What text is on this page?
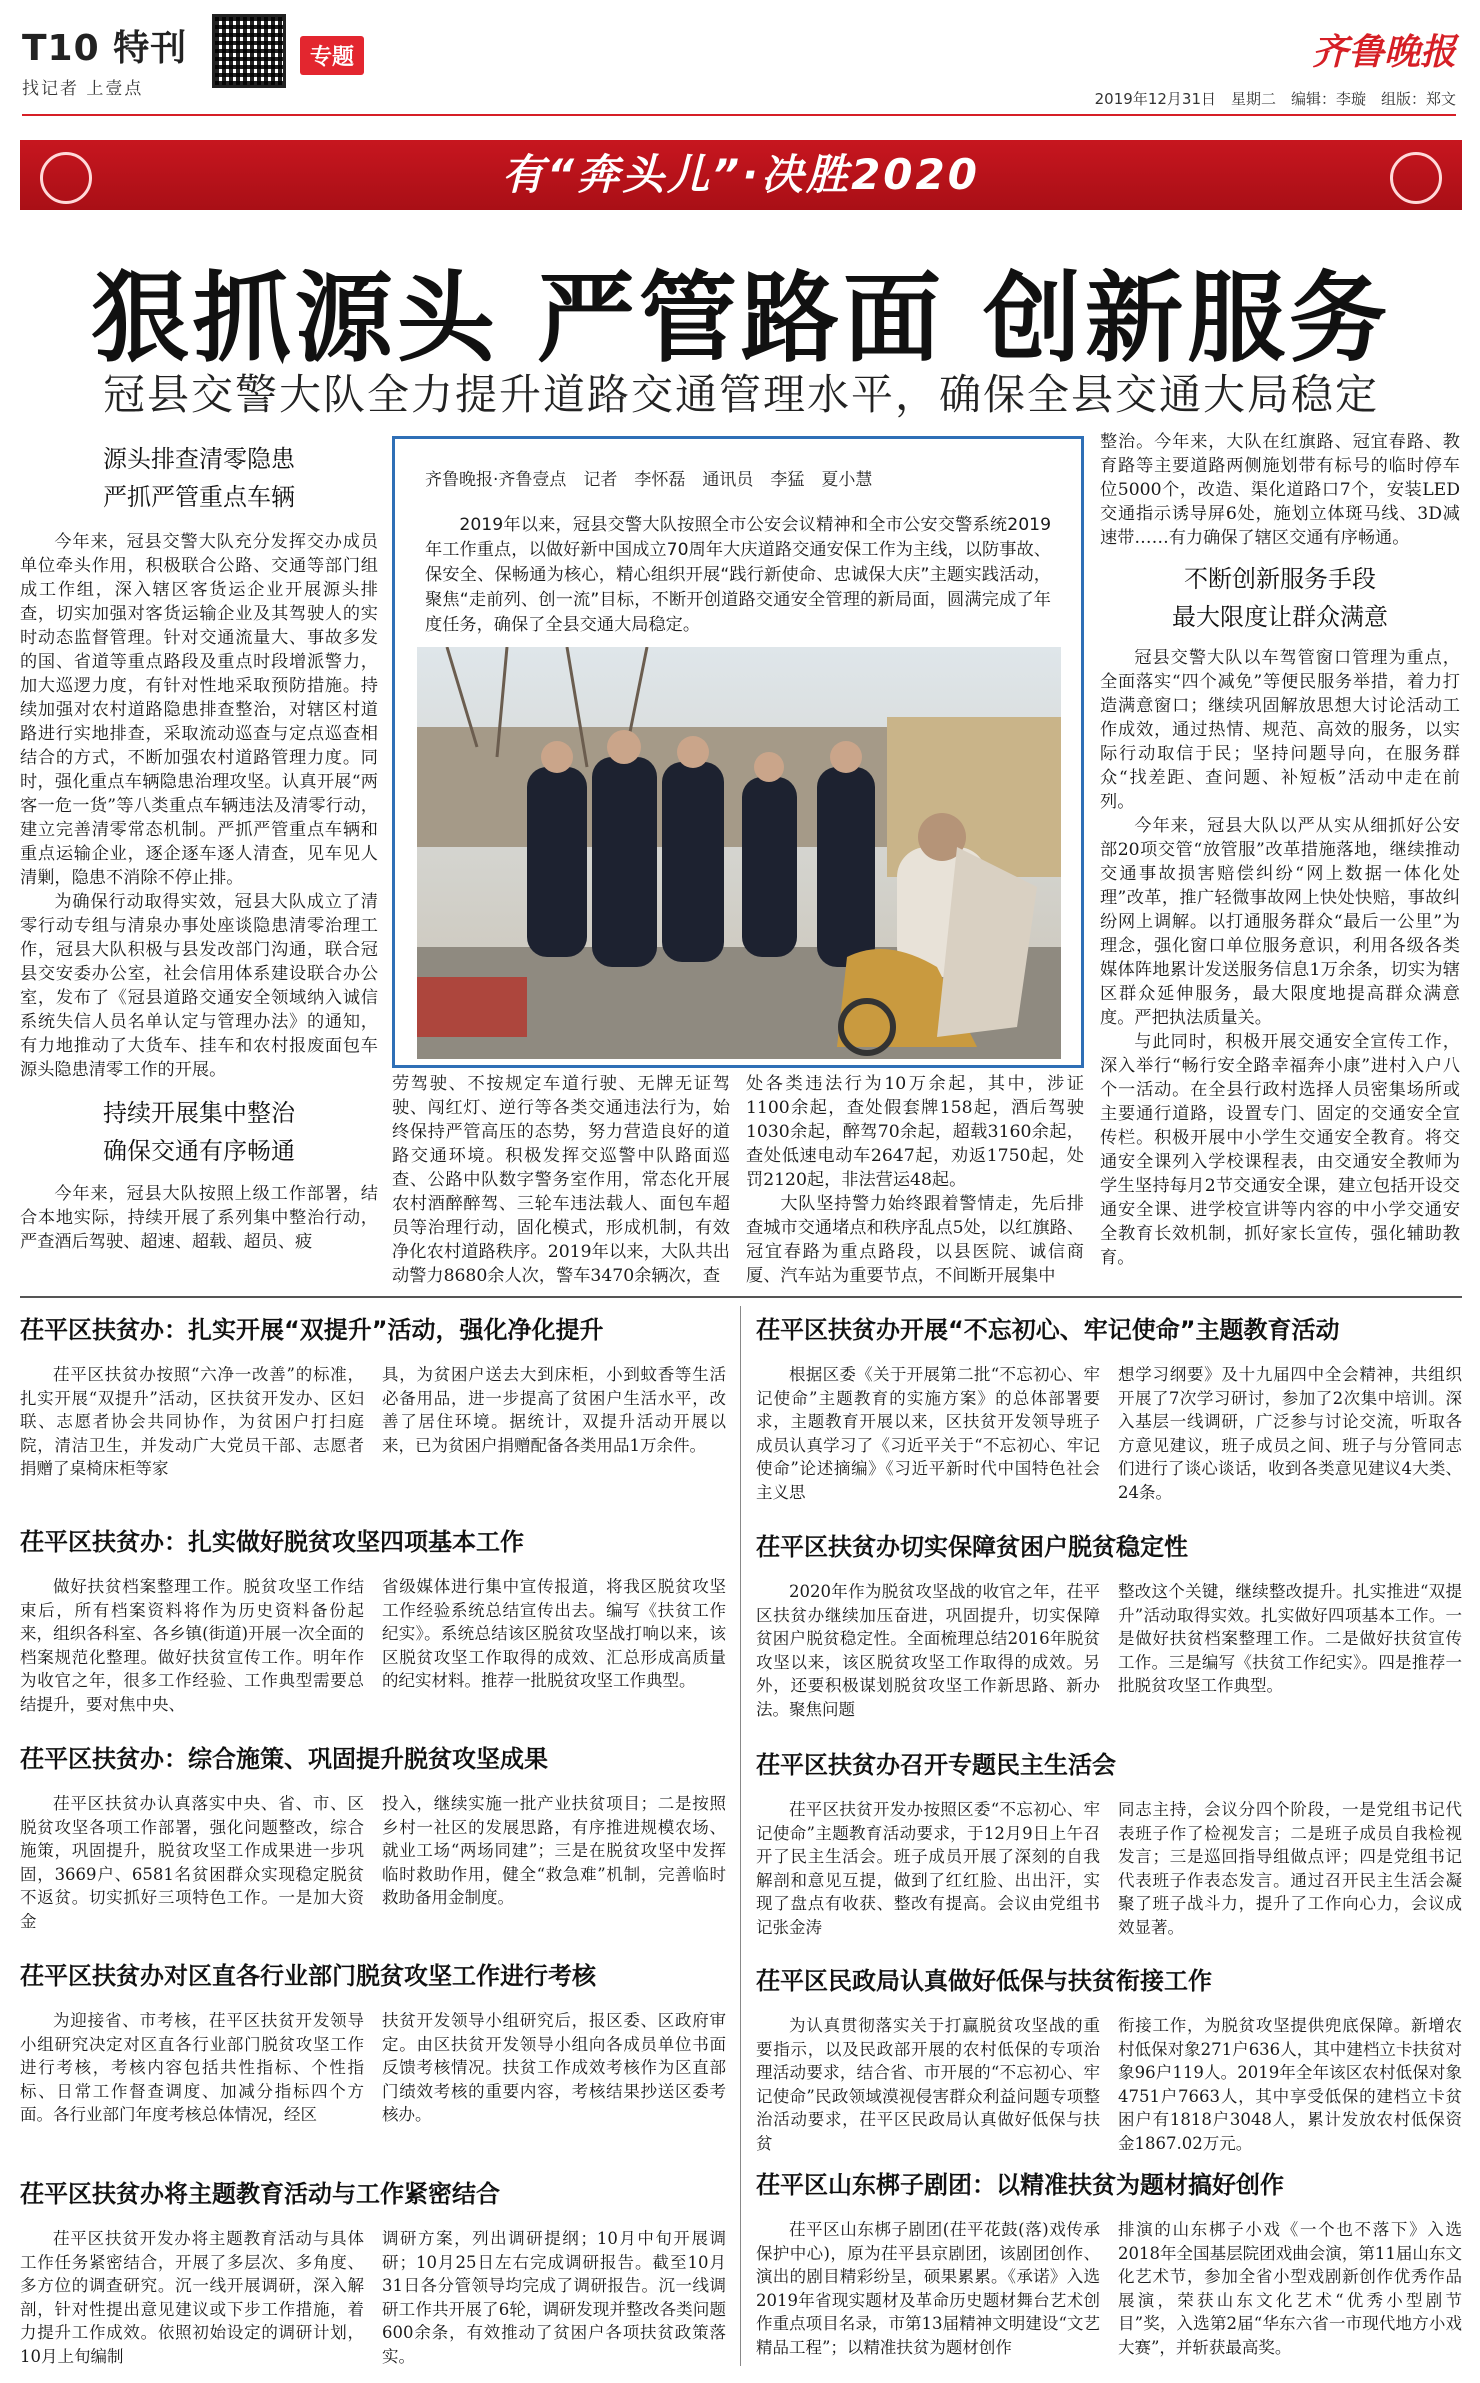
T10 特刊
找记者 上壹点
专题	齐鲁晚报
2019年12月31日　星期二　编辑：李璇　组版：郑文
有“奔头儿”·决胜2020
狠抓源头 严管路面 创新服务
冠县交警大队全力提升道路交通管理水平，确保全县交通大局稳定
源头排查清零隐患
严抓严管重点车辆

今年来，冠县交警大队充分发挥交办成员单位牵头作用，积极联合公路、交通等部门组成工作组，深入辖区客货运企业开展源头排查，切实加强对客货运输企业及其驾驶人的实时动态监督管理。针对交通流量大、事故多发的国、省道等重点路段及重点时段增派警力，加大巡逻力度，有针对性地采取预防措施。持续加强对农村道路隐患排查整治，对辖区村道路进行实地排查，采取流动巡查与定点巡查相结合的方式，不断加强农村道路管理力度。同时，强化重点车辆隐患治理攻坚。认真开展“两客一危一货”等八类重点车辆违法及清零行动，建立完善清零常态机制。严抓严管重点车辆和重点运输企业，逐企逐车逐人清查，见车见人清剿，隐患不消除不停止排。

为确保行动取得实效，冠县大队成立了清零行动专组与清泉办事处座谈隐患清零治理工作，冠县大队积极与县发改部门沟通，联合冠县交安委办公室，社会信用体系建设联合办公室，发布了《冠县道路交通安全领域纳入诚信系统失信人员名单认定与管理办法》的通知，有力地推动了大货车、挂车和农村报废面包车源头隐患清零工作的开展。

持续开展集中整治
确保交通有序畅通

今年来，冠县大队按照上级工作部署，结合本地实际，持续开展了系列集中整治行动，严查酒后驾驶、超速、超载、超员、疲

齐鲁晚报·齐鲁壹点　记者　李怀磊　通讯员　李猛　夏小慧
2019年以来，冠县交警大队按照全市公安会议精神和全市公安交警系统2019年工作重点，以做好新中国成立70周年大庆道路交通安保工作为主线，以防事故、保安全、保畅通为核心，精心组织开展“践行新使命、忠诚保大庆”主题实践活动，聚焦“走前列、创一流”目标，不断开创道路交通安全管理的新局面，圆满完成了年度任务，确保了全县交通大局稳定。

劳驾驶、不按规定车道行驶、无牌无证驾驶、闯红灯、逆行等各类交通违法行为，始终保持严管高压的态势，努力营造良好的道路交通环境。积极发挥交巡警中队路面巡查、公路中队数字警务室作用，常态化开展农村酒醉醉驾、三轮车违法载人、面包车超员等治理行动，固化模式，形成机制，有效净化农村道路秩序。2019年以来，大队共出动警力8680余人次，警车3470余辆次，查

处各类违法行为10万余起，其中，涉证1100余起，查处假套牌158起，酒后驾驶1030余起，醉驾70余起，超载3160余起，查处低速电动车2647起，劝返1750起，处罚2120起，非法营运48起。

大队坚持警力始终跟着警情走，先后排查城市交通堵点和秩序乱点5处，以红旗路、冠宜春路为重点路段，以县医院、诚信商厦、汽车站为重要节点，不间断开展集中

整治。今年来，大队在红旗路、冠宜春路、教育路等主要道路两侧施划带有标号的临时停车位5000个，改造、渠化道路口7个，安装LED交通指示诱导屏6处，施划立体斑马线、3D减速带……有力确保了辖区交通有序畅通。

不断创新服务手段
最大限度让群众满意

冠县交警大队以车驾管窗口管理为重点，全面落实“四个减免”等便民服务举措，着力打造满意窗口；继续巩固解放思想大讨论活动工作成效，通过热情、规范、高效的服务，以实际行动取信于民；坚持问题导向，在服务群众“找差距、查问题、补短板”活动中走在前列。

今年来，冠县大队以严从实从细抓好公安部20项交管“放管服”改革措施落地，继续推动交通事故损害赔偿纠纷“网上数据一体化处理”改革，推广轻微事故网上快处快赔，事故纠纷网上调解。以打通服务群众“最后一公里”为理念，强化窗口单位服务意识，利用各级各类媒体阵地累计发送服务信息1万余条，切实为辖区群众延伸服务，最大限度地提高群众满意度。严把执法质量关。

与此同时，积极开展交通安全宣传工作，深入举行“畅行安全路幸福奔小康”进村入户八个一活动。在全县行政村选择人员密集场所或主要通行道路，设置专门、固定的交通安全宣传栏。积极开展中小学生交通安全教育。将交通安全课列入学校课程表，由交通安全教师为学生坚持每月2节交通安全课，建立包括开设交通安全课、进学校宣讲等内容的中小学交通安全教育长效机制，抓好家长宣传，强化辅助教育。

茌平区扶贫办：扎实开展“双提升”活动，强化净化提升

茌平区扶贫办按照“六净一改善”的标准，扎实开展“双提升”活动，区扶贫开发办、区妇联、志愿者协会共同协作，为贫困户打扫庭院，清洁卫生，并发动广大党员干部、志愿者捐赠了桌椅床柜等家

具，为贫困户送去大到床柜，小到蚊香等生活必备用品，进一步提高了贫困户生活水平，改善了居住环境。据统计，双提升活动开展以来，已为贫困户捐赠配备各类用品1万余件。

茌平区扶贫办：扎实做好脱贫攻坚四项基本工作

做好扶贫档案整理工作。脱贫攻坚工作结束后，所有档案资料将作为历史资料备份起来，组织各科室、各乡镇(街道)开展一次全面的档案规范化整理。做好扶贫宣传工作。明年作为收官之年，很多工作经验、工作典型需要总结提升，要对焦中央、

省级媒体进行集中宣传报道，将我区脱贫攻坚工作经验系统总结宣传出去。编写《扶贫工作纪实》。系统总结该区脱贫攻坚战打响以来，该区脱贫攻坚工作取得的成效、汇总形成高质量的纪实材料。推荐一批脱贫攻坚工作典型。

茌平区扶贫办：综合施策、巩固提升脱贫攻坚成果

茌平区扶贫办认真落实中央、省、市、区脱贫攻坚各项工作部署，强化问题整改，综合施策，巩固提升，脱贫攻坚工作成果进一步巩固，3669户、6581名贫困群众实现稳定脱贫不返贫。切实抓好三项特色工作。一是加大资金

投入，继续实施一批产业扶贫项目；二是按照乡村一社区的发展思路，有序推进规模农场、就业工场“两场同建”；三是在脱贫攻坚中发挥临时救助作用，健全“救急难”机制，完善临时救助备用金制度。

茌平区扶贫办对区直各行业部门脱贫攻坚工作进行考核

为迎接省、市考核，茌平区扶贫开发领导小组研究决定对区直各行业部门脱贫攻坚工作进行考核，考核内容包括共性指标、个性指标、日常工作督查调度、加减分指标四个方面。各行业部门年度考核总体情况，经区

扶贫开发领导小组研究后，报区委、区政府审定。由区扶贫开发领导小组向各成员单位书面反馈考核情况。扶贫工作成效考核作为区直部门绩效考核的重要内容，考核结果抄送区委考核办。

茌平区扶贫办将主题教育活动与工作紧密结合

茌平区扶贫开发办将主题教育活动与具体工作任务紧密结合，开展了多层次、多角度、多方位的调查研究。沉一线开展调研，深入解剖，针对性提出意见建议或下步工作措施，着力提升工作成效。依照初始设定的调研计划，10月上旬编制

调研方案，列出调研提纲；10月中旬开展调研；10月25日左右完成调研报告。截至10月31日各分管领导均完成了调研报告。沉一线调研工作共开展了6轮，调研发现并整改各类问题600余条，有效推动了贫困户各项扶贫政策落实。

茌平区扶贫办开展“不忘初心、牢记使命”主题教育活动

根据区委《关于开展第二批“不忘初心、牢记使命”主题教育的实施方案》的总体部署要求，主题教育开展以来，区扶贫开发领导班子成员认真学习了《习近平关于“不忘初心、牢记使命”论述摘编》《习近平新时代中国特色社会主义思

想学习纲要》及十九届四中全会精神，共组织开展了7次学习研讨，参加了2次集中培训。深入基层一线调研，广泛参与讨论交流，听取各方意见建议，班子成员之间、班子与分管同志们进行了谈心谈话，收到各类意见建议4大类、24条。

茌平区扶贫办切实保障贫困户脱贫稳定性

2020年作为脱贫攻坚战的收官之年，茌平区扶贫办继续加压奋进，巩固提升，切实保障贫困户脱贫稳定性。全面梳理总结2016年脱贫攻坚以来，该区脱贫攻坚工作取得的成效。另外，还要积极谋划脱贫攻坚工作新思路、新办法。聚焦问题

整改这个关键，继续整改提升。扎实推进“双提升”活动取得实效。扎实做好四项基本工作。一是做好扶贫档案整理工作。二是做好扶贫宣传工作。三是编写《扶贫工作纪实》。四是推荐一批脱贫攻坚工作典型。

茌平区扶贫办召开专题民主生活会

茌平区扶贫开发办按照区委“不忘初心、牢记使命”主题教育活动要求，于12月9日上午召开了民主生活会。班子成员开展了深刻的自我解剖和意见互提，做到了红红脸、出出汗，实现了盘点有收获、整改有提高。会议由党组书记张金涛

同志主持，会议分四个阶段，一是党组书记代表班子作了检视发言；二是班子成员自我检视发言；三是巡回指导组做点评；四是党组书记代表班子作表态发言。通过召开民主生活会凝聚了班子战斗力，提升了工作向心力，会议成效显著。

茌平区民政局认真做好低保与扶贫衔接工作

为认真贯彻落实关于打赢脱贫攻坚战的重要指示，以及民政部开展的农村低保的专项治理活动要求，结合省、市开展的“不忘初心、牢记使命”民政领域漠视侵害群众利益问题专项整治活动要求，茌平区民政局认真做好低保与扶贫

衔接工作，为脱贫攻坚提供兜底保障。新增农村低保对象271户636人，其中建档立卡扶贫对象96户119人。2019年全年该区农村低保对象4751户7663人，其中享受低保的建档立卡贫困户有1818户3048人，累计发放农村低保资金1867.02万元。

茌平区山东梆子剧团：以精准扶贫为题材搞好创作

茌平区山东梆子剧团(茌平花鼓(落)戏传承保护中心)，原为茌平县京剧团，该剧团创作、演出的剧目精彩纷呈，硕果累累。《承诺》入选2019年省现实题材及革命历史题材舞台艺术创作重点项目名录，市第13届精神文明建设“文艺精品工程”；以精准扶贫为题材创作

排演的山东梆子小戏《一个也不落下》入选2018年全国基层院团戏曲会演，第11届山东文化艺术节，参加全省小型戏剧新创作优秀作品展演，荣获山东文化艺术“优秀小型剧节目”奖，入选第2届“华东六省一市现代地方小戏大赛”，并斩获最高奖。
